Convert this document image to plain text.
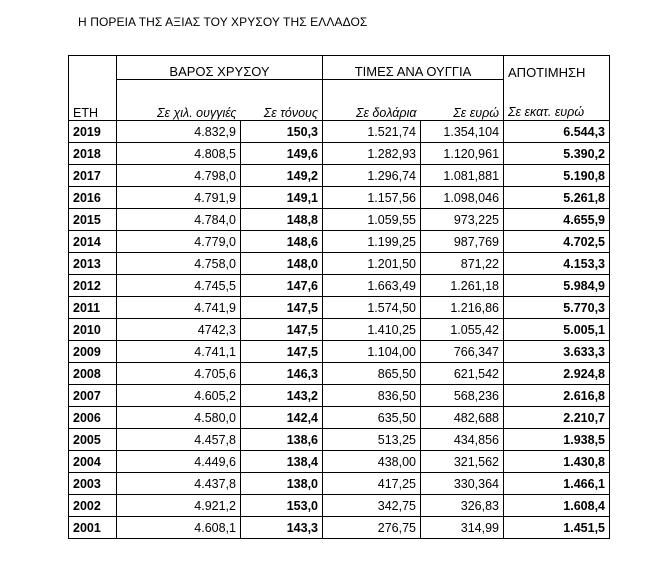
Η ΠΟΡΕΙΑ ΤΗΣ ΑΞΙΑΣ ΤΟΥ ΧΡΥΣΟΥ ΤΗΣ ΕΛΛΑΔΟΣ
	ΒΑΡΟΣ ΧΡΥΣΟΥ		ΤΙΜΕΣ ΑΝΑ ΟΥΓΓΙΑ		ΑΠΟΤΙΜΗΣΗ
ΕΤΗ	Σε χιλ. ουγγιές	Σε τόνους	Σε δολάρια	Σε ευρώ	Σε εκατ. ευρώ
2019	4.832,9	150,3	1.521,74	1.354,104	6.544,3
2018	4.808,5	149,6	1.282,93	1.120,961	5.390,2
2017	4.798,0	149,2	1.296,74	1.081,881	5.190,8
2016	4.791,9	149,1	1.157,56	1.098,046	5.261,8
2015	4.784,0	148,8	1.059,55	973,225	4.655,9
2014	4.779,0	148,6	1.199,25	987,769	4.702,5
2013	4.758,0	148,0	1.201,50	871,22	4.153,3
2012	4.745,5	147,6	1.663,49	1.261,18	5.984,9
2011	4.741,9	147,5	1.574,50	1.216,86	5.770,3
2010	4742,3	147,5	1.410,25	1.055,42	5.005,1
2009	4.741,1	147,5	1.104,00	766,347	3.633,3
2008	4.705,6	146,3	865,50	621,542	2.924,8
2007	4.605,2	143,2	836,50	568,236	2.616,8
2006	4.580,0	142,4	635,50	482,688	2.210,7
2005	4.457,8	138,6	513,25	434,856	1.938,5
2004	4.449,6	138,4	438,00	321,562	1.430,8
2003	4.437,8	138,0	417,25	330,364	1.466,1
2002	4.921,2	153,0	342,75	326,83	1.608,4
2001	4.608,1	143,3	276,75	314,99	1.451,5
